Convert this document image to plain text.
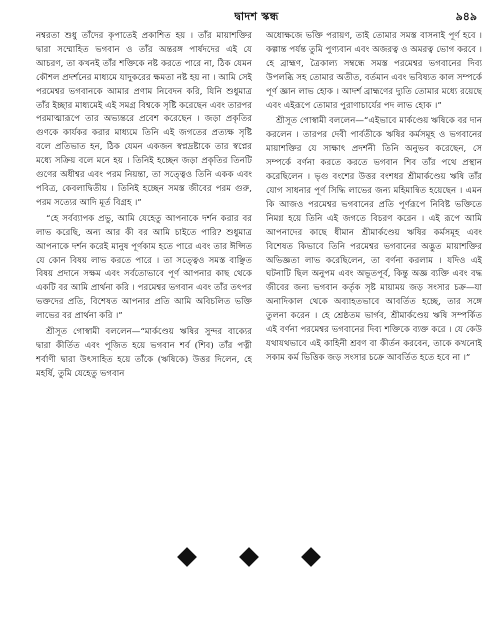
দ্বাদশ স্কন্ধ	৯৪৯

নশ্বরতা শুধু তাঁদের কৃপাতেই প্রকাশিত হয় । তাঁর মায়াশক্তির দ্বারা সম্মোহিত ভগবান ও তাঁর অন্তরঙ্গ পার্ষদদের এই যে আচরণ, তা কখনই তাঁর শক্তিকে নষ্ট করতে পারে না, ঠিক যেমন কৌশল প্রদর্শনের মাধ্যমে যাদুকরের ক্ষমতা নষ্ট হয় না । আমি সেই পরমেশ্বর ভগবানকে আমার প্রণাম নিবেদন করি, যিনি শুধুমাত্র তাঁর ইচ্ছার মাধ্যমেই এই সমগ্র বিশ্বকে সৃষ্টি করেছেন এবং তারপর পরমাত্মারূপে তার অভ্যন্তরে প্রবেশ করেছেন । জড়া প্রকৃতির গুণকে কার্যকর করার মাধ্যমে তিনি এই জগতের প্রত্যক্ষ সৃষ্টি বলে প্রতিভাত হন, ঠিক যেমন একজন স্বপ্নদ্রষ্টাকে তার স্বপ্নের মধ্যে সক্রিয় বলে মনে হয় । তিনিই হচ্ছেন জড়া প্রকৃতির তিনটি গুণের অধীশ্বর এবং পরম নিয়ন্তা, তা সত্ত্বেও তিনি একক এবং পবিত্র, কেবলাদ্বিতীয় । তিনিই হচ্ছেন সমস্ত জীবের পরম গুরু, পরম সত্যের আদি মূর্ত বিগ্রহ ।”

“হে সর্বব্যাপক প্রভু, আমি যেহেতু আপনাকে দর্শন করার বর লাভ করেছি, অন্য আর কী বর আমি চাইতে পারি? শুধুমাত্র আপনাকে দর্শন করেই মানুষ পূর্ণকাম হতে পারে এবং তার ঈপ্সিত যে কোন বিষয় লাভ করতে পারে । তা সত্ত্বেও সমস্ত বাঞ্ছিত বিষয় প্রদানে সক্ষম এবং সর্বতোভাবে পূর্ণ আপনার কাছ থেকে একটি বর আমি প্রার্থনা করি । পরমেশ্বর ভগবান এবং তাঁর তৎপর ভক্তদের প্রতি, বিশেষত আপনার প্রতি আমি অবিচলিত ভক্তি লাভের বর প্রার্থনা করি ।”

শ্রীসূত গোস্বামী বললেন—“মার্কণ্ডেয় ঋষির সুন্দর বাক্যের দ্বারা কীর্তিত এবং পূজিত হয়ে ভগবান শর্ব (শিব) তাঁর পত্নী শর্বাণী দ্বারা উৎসাহিত হয়ে তাঁকে (ঋষিকে) উত্তর দিলেন, হে মহর্ষি, তুমি যেহেতু ভগবান

অধোক্ষজে ভক্তি পরায়ণ, তাই তোমার সমস্ত বাসনাই পূর্ণ হবে । কল্পান্ত পর্যন্ত তুমি পুণ্যবান এবং অজরত্ব ও অমরত্ব ভোগ করবে । হে ব্রাহ্মণ, ত্রৈকাল্য সম্বন্ধে সমস্ত পরমেশ্বর ভগবানের দিব্য উপলব্ধি সহ তোমার অতীত, বর্তমান এবং ভবিষ্যত কাল সম্পর্কে পূর্ণ জ্ঞান লাভ হোক । আদর্শ ব্রাহ্মণের দ্যুতি তোমার মধ্যে রয়েছে এবং এইরূপে তোমার পুরাণাচার্যের পদ লাভ হোক ।”

শ্রীসূত গোস্বামী বললেন—“এইভাবে মার্কণ্ডেয় ঋষিকে বর দান করলেন । তারপর দেবী পার্বতীকে ঋষির কর্মসমূহ ও ভগবানের মায়াশক্তির যে সাক্ষাৎ প্রদর্শনী তিনি অনুভব করেছেন, সে সম্পর্কে বর্ণনা করতে করতে ভগবান শিব তাঁর পথে প্রস্থান করেছিলেন । ভৃগু বংশের উত্তর বংশধর শ্রীমার্কণ্ডেয় ঋষি তাঁর যোগ সাধনার পূর্ণ সিদ্ধি লাভের জন্য মহিমান্বিত হয়েছেন । এমন কি আজও পরমেশ্বর ভগবানের প্রতি পূর্ণরূপে নিবিষ্ট ভক্তিতে নিমগ্ন হয়ে তিনি এই জগতে বিচরণ করেন । এই রূপে আমি আপনাদের কাছে ধীমান শ্রীমার্কণ্ডেয় ঋষির কর্মসমূহ এবং বিশেষত কিভাবে তিনি পরমেশ্বর ভগবানের অদ্ভুত মায়াশক্তির অভিজ্ঞতা লাভ করেছিলেন, তা বর্ণনা করলাম । যদিও এই ঘটনাটি ছিল অনুপম এবং অভূতপূর্ব, কিন্তু অজ্ঞ ব্যক্তি এবং বদ্ধ জীবের জন্য ভগবান কর্তৃক সৃষ্ট মায়াময় জড় সংসার চক্র—যা অনাদিকাল থেকে অব্যাহতভাবে আবর্তিত হচ্ছে, তার সঙ্গে তুলনা করেন । হে শ্রেষ্ঠতম ভার্গব, শ্রীমার্কণ্ডেয় ঋষি সম্পর্কিত এই বর্ণনা পরমেশ্বর ভগবানের দিব্য শক্তিকে ব্যক্ত করে । যে কেউ যথাযথভাবে এই কাহিনী শ্রবণ বা কীর্তন করবেন, তাকে কখনোই সকাম কর্ম ভিত্তিক জড় সংসার চক্রে আবর্তিত হতে হবে না ।”
